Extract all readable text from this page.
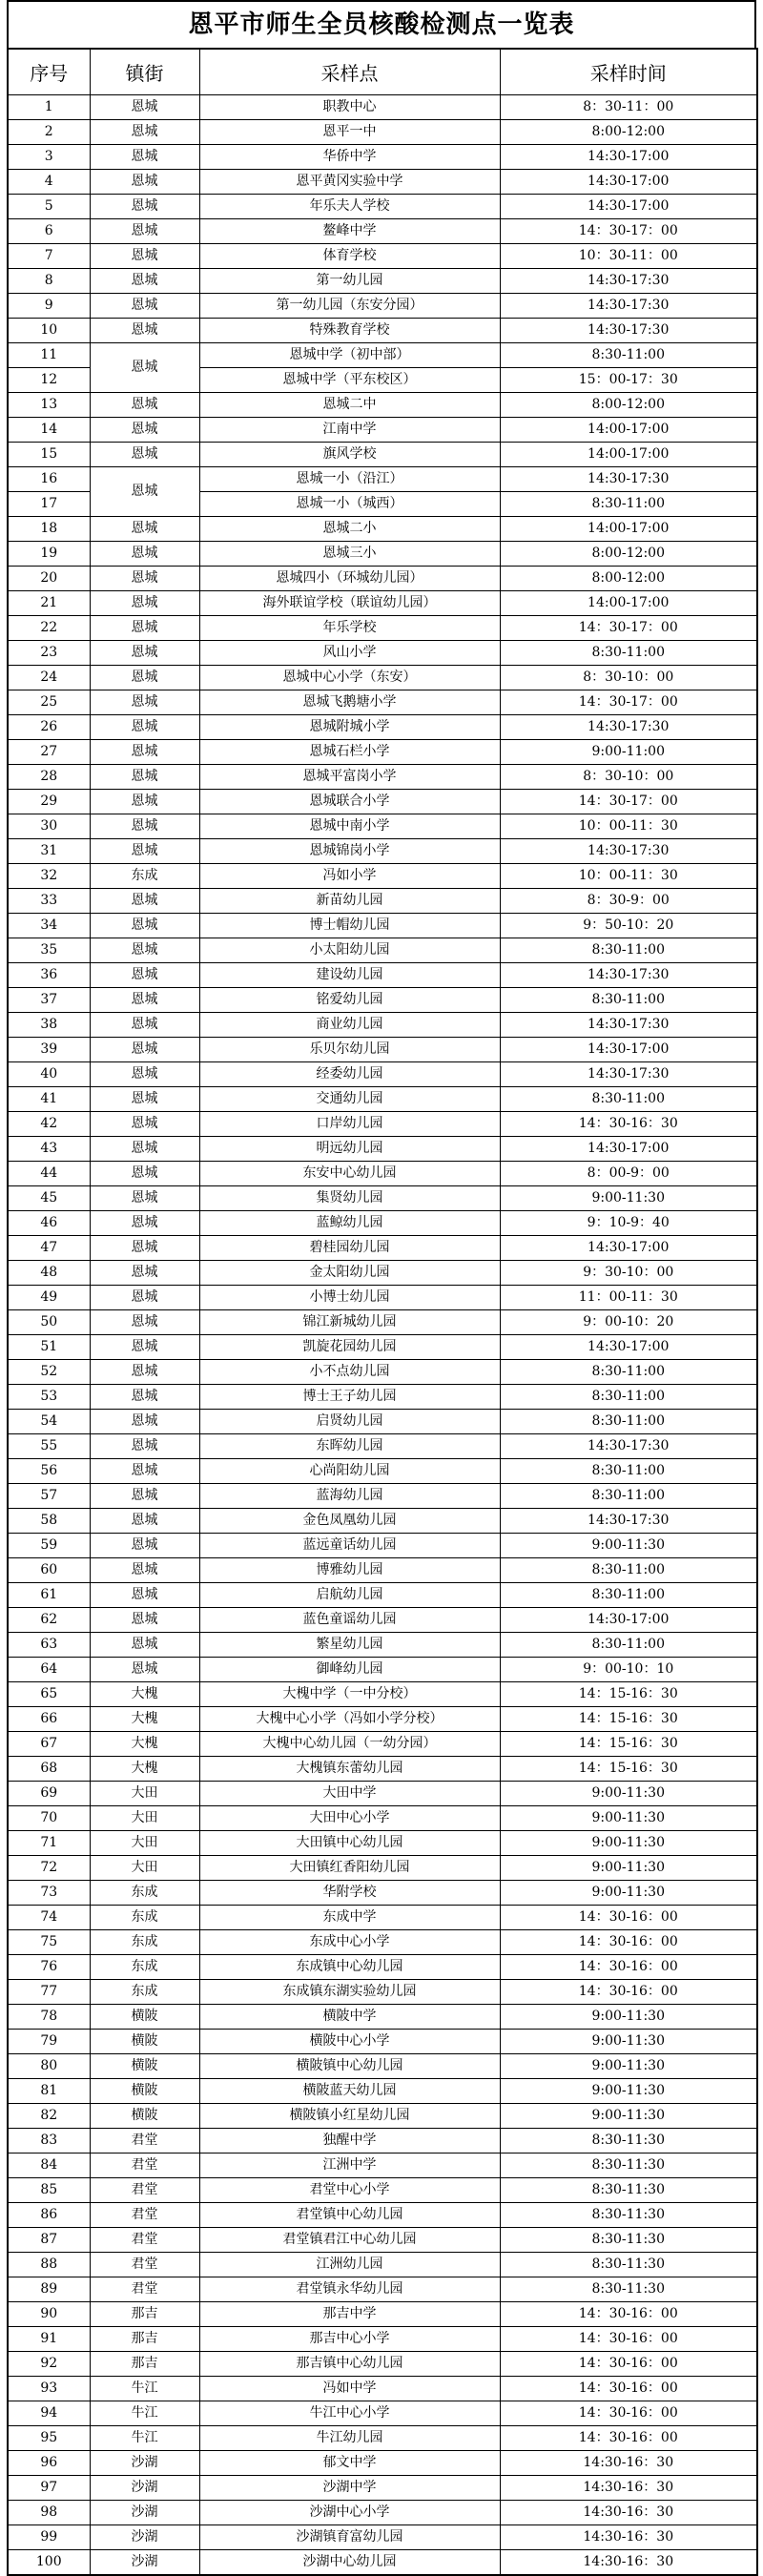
恩平市师生全员核酸检测点一览表
序号	镇街	采样点	采样时间
1	恩城	职教中心	8：30-11：00
2	恩城	恩平一中	8:00-12:00
3	恩城	华侨中学	14:30-17:00
4	恩城	恩平黄冈实验中学	14:30-17:00
5	恩城	年乐夫人学校	14:30-17:00
6	恩城	鳌峰中学	14：30-17：00
7	恩城	体育学校	10：30-11：00
8	恩城	第一幼儿园	14:30-17:30
9	恩城	第一幼儿园（东安分园）	14:30-17:30
10	恩城	特殊教育学校	14:30-17:30
11	恩城	恩城中学（初中部）	8:30-11:00
12		恩城中学（平东校区）	15：00-17：30
13	恩城	恩城二中	8:00-12:00
14	恩城	江南中学	14:00-17:00
15	恩城	旗风学校	14:00-17:00
16	恩城	恩城一小（沿江）	14:30-17:30
17		恩城一小（城西）	8:30-11:00
18	恩城	恩城二小	14:00-17:00
19	恩城	恩城三小	8:00-12:00
20	恩城	恩城四小（环城幼儿园）	8:00-12:00
21	恩城	海外联谊学校（联谊幼儿园）	14:00-17:00
22	恩城	年乐学校	14：30-17：00
23	恩城	风山小学	8:30-11:00
24	恩城	恩城中心小学（东安）	8：30-10：00
25	恩城	恩城飞鹅塘小学	14：30-17：00
26	恩城	恩城附城小学	14:30-17:30
27	恩城	恩城石栏小学	9:00-11:00
28	恩城	恩城平富岗小学	8：30-10：00
29	恩城	恩城联合小学	14：30-17：00
30	恩城	恩城中南小学	10：00-11：30
31	恩城	恩城锦岗小学	14:30-17:30
32	东成	冯如小学	10：00-11：30
33	恩城	新苗幼儿园	8：30-9：00
34	恩城	博士帽幼儿园	9：50-10：20
35	恩城	小太阳幼儿园	8:30-11:00
36	恩城	建设幼儿园	14:30-17:30
37	恩城	铭爱幼儿园	8:30-11:00
38	恩城	商业幼儿园	14:30-17:30
39	恩城	乐贝尔幼儿园	14:30-17:00
40	恩城	经委幼儿园	14:30-17:30
41	恩城	交通幼儿园	8:30-11:00
42	恩城	口岸幼儿园	14：30-16：30
43	恩城	明远幼儿园	14:30-17:00
44	恩城	东安中心幼儿园	8：00-9：00
45	恩城	集贤幼儿园	9:00-11:30
46	恩城	蓝鲸幼儿园	9：10-9：40
47	恩城	碧桂园幼儿园	14:30-17:00
48	恩城	金太阳幼儿园	9：30-10：00
49	恩城	小博士幼儿园	11：00-11：30
50	恩城	锦江新城幼儿园	9：00-10：20
51	恩城	凯旋花园幼儿园	14:30-17:00
52	恩城	小不点幼儿园	8:30-11:00
53	恩城	博士王子幼儿园	8:30-11:00
54	恩城	启贤幼儿园	8:30-11:00
55	恩城	东晖幼儿园	14:30-17:30
56	恩城	心尚阳幼儿园	8:30-11:00
57	恩城	蓝海幼儿园	8:30-11:00
58	恩城	金色凤凰幼儿园	14:30-17:30
59	恩城	蓝远童话幼儿园	9:00-11:30
60	恩城	博雅幼儿园	8:30-11:00
61	恩城	启航幼儿园	8:30-11:00
62	恩城	蓝色童谣幼儿园	14:30-17:00
63	恩城	繁星幼儿园	8:30-11:00
64	恩城	御峰幼儿园	9：00-10：10
65	大槐	大槐中学（一中分校）	14：15-16：30
66	大槐	大槐中心小学（冯如小学分校）	14：15-16：30
67	大槐	大槐中心幼儿园（一幼分园）	14：15-16：30
68	大槐	大槐镇东蕾幼儿园	14：15-16：30
69	大田	大田中学	9:00-11:30
70	大田	大田中心小学	9:00-11:30
71	大田	大田镇中心幼儿园	9:00-11:30
72	大田	大田镇红香阳幼儿园	9:00-11:30
73	东成	华附学校	9:00-11:30
74	东成	东成中学	14：30-16：00
75	东成	东成中心小学	14：30-16：00
76	东成	东成镇中心幼儿园	14：30-16：00
77	东成	东成镇东湖实验幼儿园	14：30-16：00
78	横陂	横陂中学	9:00-11:30
79	横陂	横陂中心小学	9:00-11:30
80	横陂	横陂镇中心幼儿园	9:00-11:30
81	横陂	横陂蓝天幼儿园	9:00-11:30
82	横陂	横陂镇小红星幼儿园	9:00-11:30
83	君堂	独醒中学	8:30-11:30
84	君堂	江洲中学	8:30-11:30
85	君堂	君堂中心小学	8:30-11:30
86	君堂	君堂镇中心幼儿园	8:30-11:30
87	君堂	君堂镇君江中心幼儿园	8:30-11:30
88	君堂	江洲幼儿园	8:30-11:30
89	君堂	君堂镇永华幼儿园	8:30-11:30
90	那吉	那吉中学	14：30-16：00
91	那吉	那吉中心小学	14：30-16：00
92	那吉	那吉镇中心幼儿园	14：30-16：00
93	牛江	冯如中学	14：30-16：00
94	牛江	牛江中心小学	14：30-16：00
95	牛江	牛江幼儿园	14：30-16：00
96	沙湖	郁文中学	14:30-16：30
97	沙湖	沙湖中学	14:30-16：30
98	沙湖	沙湖中心小学	14:30-16：30
99	沙湖	沙湖镇育富幼儿园	14:30-16：30
100	沙湖	沙湖中心幼儿园	14:30-16：30
